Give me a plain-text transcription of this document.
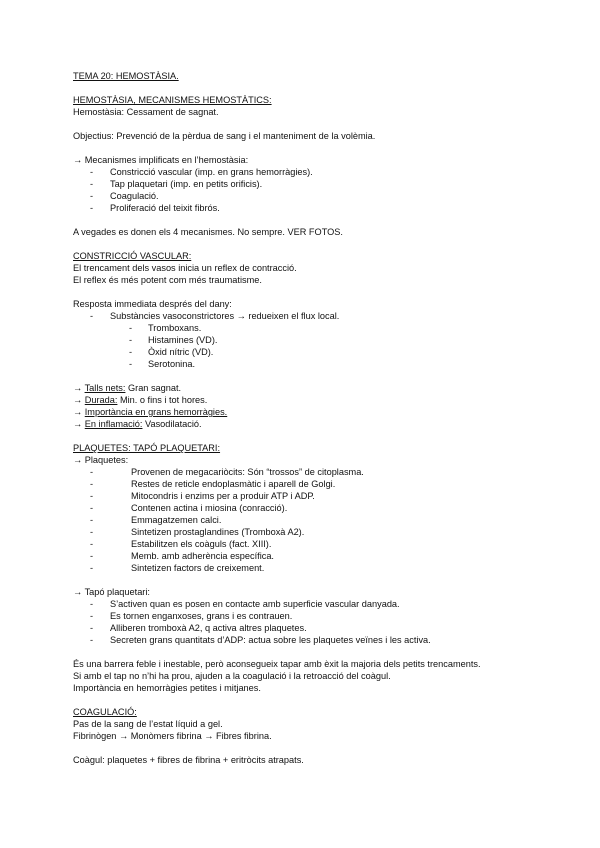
TEMA 20: HEMOSTÀSIA.

HEMOSTÀSIA, MECANISMES HEMOSTÀTICS:

Hemostàsia: Cessament de sagnat.

Objectius: Prevenció de la pèrdua de sang i el manteniment de la volèmia.

→ Mecanismes implificats en l’hemostàsia:

- Constricció vascular (imp. en grans hemorràgies).
- Tap plaquetari (imp. en petits orificis).
- Coagulació.
- Proliferació del teixit fibrós.

A vegades es donen els 4 mecanismes. No sempre. VER FOTOS.

CONSTRICCIÓ VASCULAR:

El trencament dels vasos inicia un reflex de contracció.

El reflex és més potent com més traumatisme.

Resposta immediata després del dany:

- Substàncies vasoconstrictores → redueixen el flux local.
- Tromboxans.
- Histamines (VD).
- Òxid nítric (VD).
- Serotonina.

→ Talls nets: Gran sagnat.

→ Durada: Min. o fins i tot hores.

→ Importància en grans hemorràgies.

→ En inflamació: Vasodilatació.

PLAQUETES: TAPÓ PLAQUETARI:

→ Plaquetes:

-	Provenen de megacariòcits: Són “trossos” de citoplasma.
-	Restes de reticle endoplasmàtic i aparell de Golgi.
-	Mitocondris i enzims per a produir ATP i ADP.
-	Contenen actina i miosina (conracció).
-	Emmagatzemen calci.
-	Sintetizen prostaglandines (Tromboxà A2).
-	Estabilitzen els coàguls (fact. XIII).
-	Memb. amb adherència específica.
-	Sintetizen factors de creixement.

→ Tapó plaquetari:

- S’activen quan es posen en contacte amb superficie vascular danyada.
- Es tornen enganxoses, grans i es contrauen.
- Alliberen tromboxà A2, q activa altres plaquetes.
- Secreten grans quantitats d’ADP: actua sobre les plaquetes veïnes i les activa.

És una barrera feble i inestable, però aconsegueix tapar amb èxit la majoria dels petits trencaments.

Si amb el tap no n’hi ha prou, ajuden a la coagulació i la retroacció del coàgul.

Importància en hemorràgies petites i mitjanes.

COAGULACIÓ:

Pas de la sang de l’estat líquid a gel.

Fibrinògen → Monòmers fibrina → Fibres fibrina.

Coàgul: plaquetes + fibres de fibrina + eritròcits atrapats.
